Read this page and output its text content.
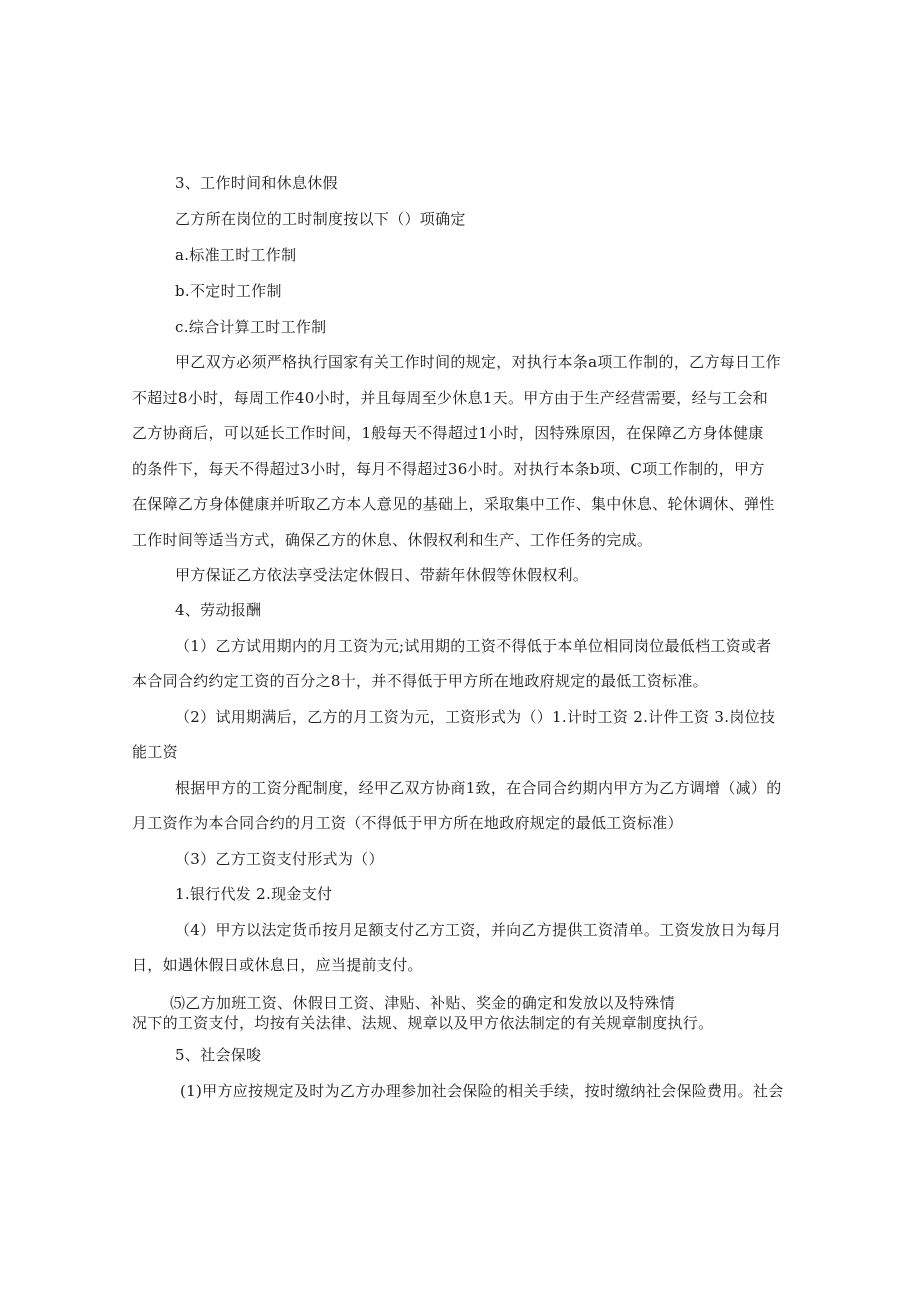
3、工作时间和休息休假
乙方所在岗位的工时制度按以下（）项确定
a.标准工时工作制
b.不定时工作制
c.综合计算工时工作制
甲乙双方必须严格执行国家有关工作时间的规定，对执行本条a项工作制的，乙方每日工作
不超过8小时，每周工作40小时，并且每周至少休息1天。甲方由于生产经营需要，经与工会和
乙方协商后，可以延长工作时间，1般每天不得超过1小时，因特殊原因，在保障乙方身体健康
的条件下，每天不得超过3小时，每月不得超过36小时。对执行本条b项、C项工作制的，甲方
在保障乙方身体健康并听取乙方本人意见的基础上，采取集中工作、集中休息、轮休调休、弹性
工作时间等适当方式，确保乙方的休息、休假权利和生产、工作任务的完成。
甲方保证乙方依法享受法定休假日、带薪年休假等休假权利。
4、劳动报酬
（1）乙方试用期内的月工资为元;试用期的工资不得低于本单位相同岗位最低档工资或者
本合同合约约定工资的百分之8十，并不得低于甲方所在地政府规定的最低工资标准。
（2）试用期满后，乙方的月工资为元，工资形式为（）1.计时工资 2.计件工资 3.岗位技
能工资
根据甲方的工资分配制度，经甲乙双方协商1致，在合同合约期内甲方为乙方调增（减）的
月工资作为本合同合约的月工资（不得低于甲方所在地政府规定的最低工资标准）
（3）乙方工资支付形式为（）
1.银行代发 2.现金支付
（4）甲方以法定货币按月足额支付乙方工资，并向乙方提供工资清单。工资发放日为每月
日，如遇休假日或休息日，应当提前支付。
⑸乙方加班工资、休假日工资、津贴、补贴、奖金的确定和发放以及特殊情
况下的工资支付，均按有关法律、法规、规章以及甲方依法制定的有关规章制度执行。
5、社会保唆
(1)甲方应按规定及时为乙方办理参加社会保险的相关手续，按时缴纳社会保险费用。社会
